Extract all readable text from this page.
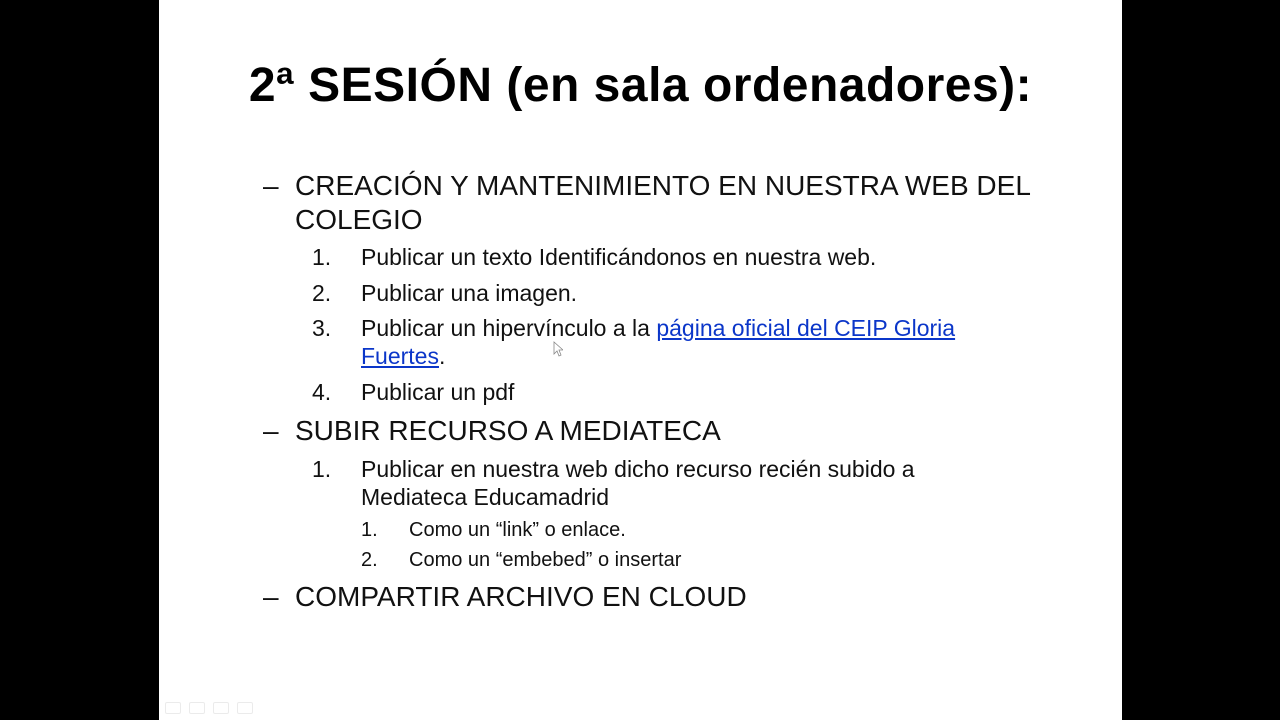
2ª SESIÓN (en sala ordenadores):
– CREACIÓN Y MANTENIMIENTO EN NUESTRA WEB DEL
COLEGIO
1. Publicar un texto Identificándonos en nuestra web.
2. Publicar una imagen.
3. Publicar un hipervínculo a la página oficial del CEIP Gloria
Fuertes.
4. Publicar un pdf
– SUBIR RECURSO A MEDIATECA
1. Publicar en nuestra web dicho recurso recién subido a
Mediateca Educamadrid
1. Como un “link” o enlace.
2. Como un “embebed” o insertar
– COMPARTIR ARCHIVO EN CLOUD
